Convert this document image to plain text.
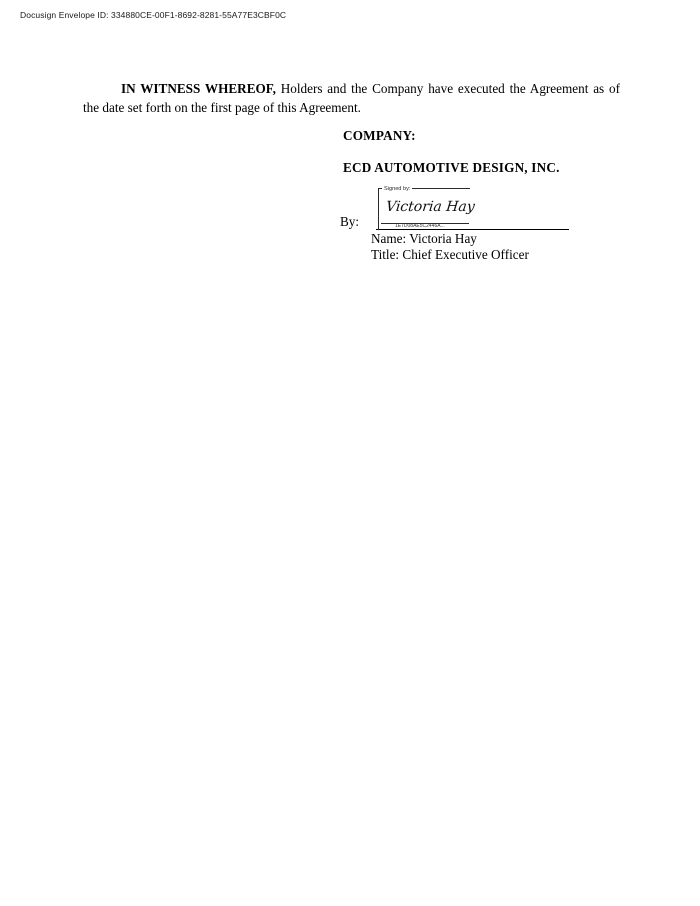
Docusign Envelope ID: 334880CE-00F1-8692-8281-55A77E3CBF0C

IN WITNESS WHEREOF, Holders and the Company have executed the Agreement as of the date set forth on the first page of this Agreement.

COMPANY:
ECD AUTOMOTIVE DESIGN, INC.
By:
Signed by:
Victoria Hay
1E7D08AE5C2446A...
Name: Victoria Hay
Title: Chief Executive Officer
